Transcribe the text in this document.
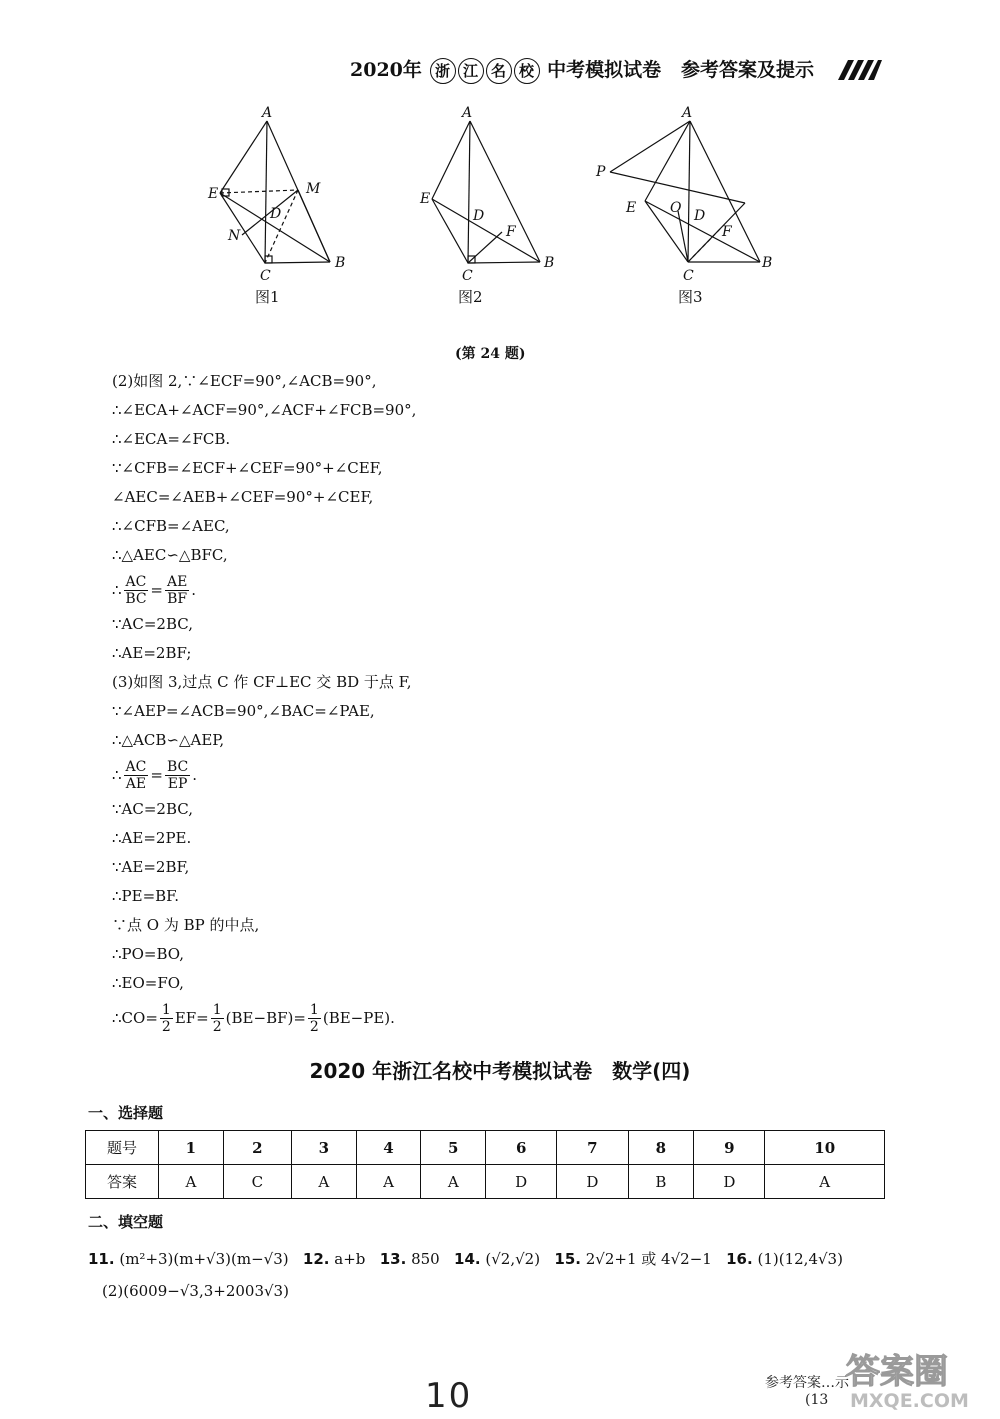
2020年 浙 江 名 校 中考模拟试卷 参考答案及提示
A
E	M
D
N
C
B
图1
A
E
D
F
C
B
图2
A
P
E O D
F
C
B
图3
(第 24 题)
(2)如图 2,∵∠ECF=90°,∠ACB=90°,
∴∠ECA+∠ACF=90°,∠ACF+∠FCB=90°,
∴∠ECA=∠FCB.
∵∠CFB=∠ECF+∠CEF=90°+∠CEF,
∠AEC=∠AEB+∠CEF=90°+∠CEF,
∴∠CFB=∠AEC,
∴△AEC∽△BFC,
∴ $\frac{AC}{BC} = \frac{AE}{BF}$ .
∵AC=2BC,
∴AE=2BF;
(3)如图 3,过点 C 作 CF⊥EC 交 BD 于点 F,
∵∠AEP=∠ACB=90°,∠BAC=∠PAE,
∴△ACB∽△AEP,
∴ $\frac{AC}{AE} = \frac{BC}{EP}$ .
∵AC=2BC,
∴AE=2PE.
∵AE=2BF,
∴PE=BF.
∵点 O 为 BP 的中点,
∴PO=BO,
∴EO=FO,
∴CO= $\frac{1}{2} EF= \frac{1}{2} (BE-BF)= \frac{1}{2} (BE-PE)$.
2020 年浙江名校中考模拟试卷　数学(四)
一、选择题
题号	1	2	3	4	5	6	7	8	9	10
答案	A	C	A	A	A	D	D	B	D	A
二、填空题
11. (m²+3)(m+√3)(m−√3) 12. a+b 13. 850 14. (√2,√2) 15. 2√2+1 或 4√2−1 16. (1)(12,4√3)
(2)(6009−√3,3+2003√3)
参考答案…示
(13
10
答案圈
MXQE.COM
